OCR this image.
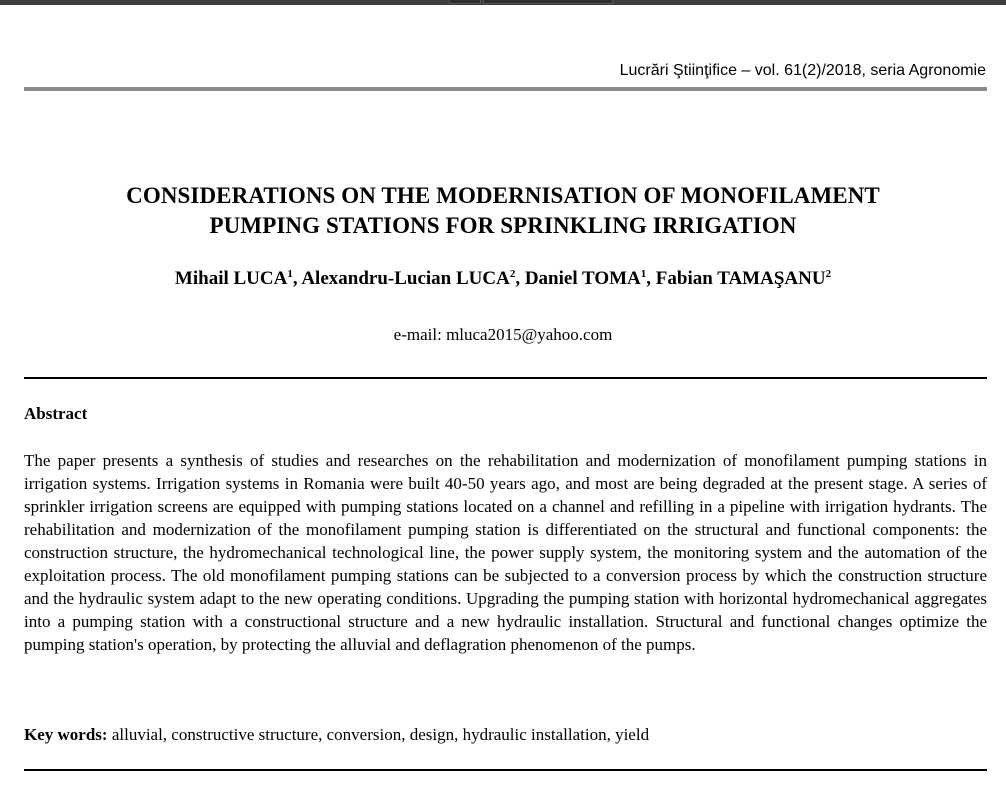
Lucrări Ştiinţifice – vol. 61(2)/2018, seria Agronomie
CONSIDERATIONS ON THE MODERNISATION OF MONOFILAMENT
PUMPING STATIONS FOR SPRINKLING IRRIGATION
Mihail LUCA$^1$, Alexandru-Lucian LUCA$^2$, Daniel TOMA$^1$, Fabian TAMAŞANU$^2$
e-mail: mluca2015@yahoo.com
Abstract
The paper presents a synthesis of studies and researches on the rehabilitation and modernization of monofilament pumping stations in irrigation systems. Irrigation systems in Romania were built 40-50 years ago, and most are being degraded at the present stage. A series of sprinkler irrigation screens are equipped with pumping stations located on a channel and refilling in a pipeline with irrigation hydrants. The rehabilitation and modernization of the monofilament pumping station is differentiated on the structural and functional components: the construction structure, the hydromechanical technological line, the power supply system, the monitoring system and the automation of the exploitation process. The old monofilament pumping stations can be subjected to a conversion process by which the construction structure and the hydraulic system adapt to the new operating conditions. Upgrading the pumping station with horizontal hydromechanical aggregates into a pumping station with a constructional structure and a new hydraulic installation. Structural and functional changes optimize the pumping station's operation, by protecting the alluvial and deflagration phenomenon of the pumps.
Key words: alluvial, constructive structure, conversion, design, hydraulic installation, yield
